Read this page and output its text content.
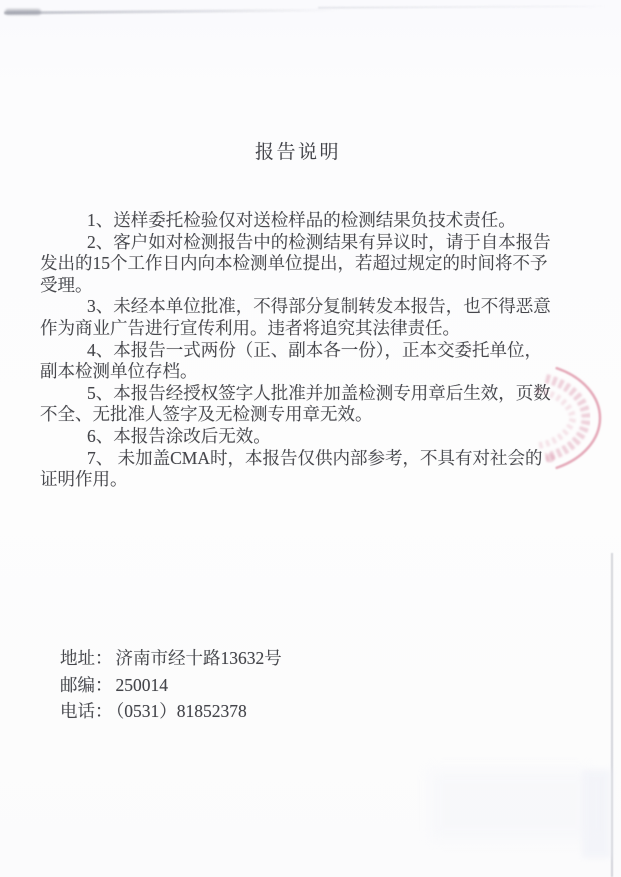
报告说明

1、送样委托检验仅对送检样品的检测结果负技术责任。

2、客户如对检测报告中的检测结果有异议时，请于自本报告发出的15个工作日内向本检测单位提出，若超过规定的时间将不予受理。

3、未经本单位批准，不得部分复制转发本报告，也不得恶意作为商业广告进行宣传利用。违者将追究其法律责任。

4、本报告一式两份（正、副本各一份），正本交委托单位，副本检测单位存档。

5、本报告经授权签字人批准并加盖检测专用章后生效，页数不全、无批准人签字及无检测专用章无效。

6、本报告涂改后无效。

7、 未加盖CMA时，本报告仅供内部参考，不具有对社会的证明作用。

地址： 济南市经十路13632号
邮编： 250014
电话： （0531）81852378
